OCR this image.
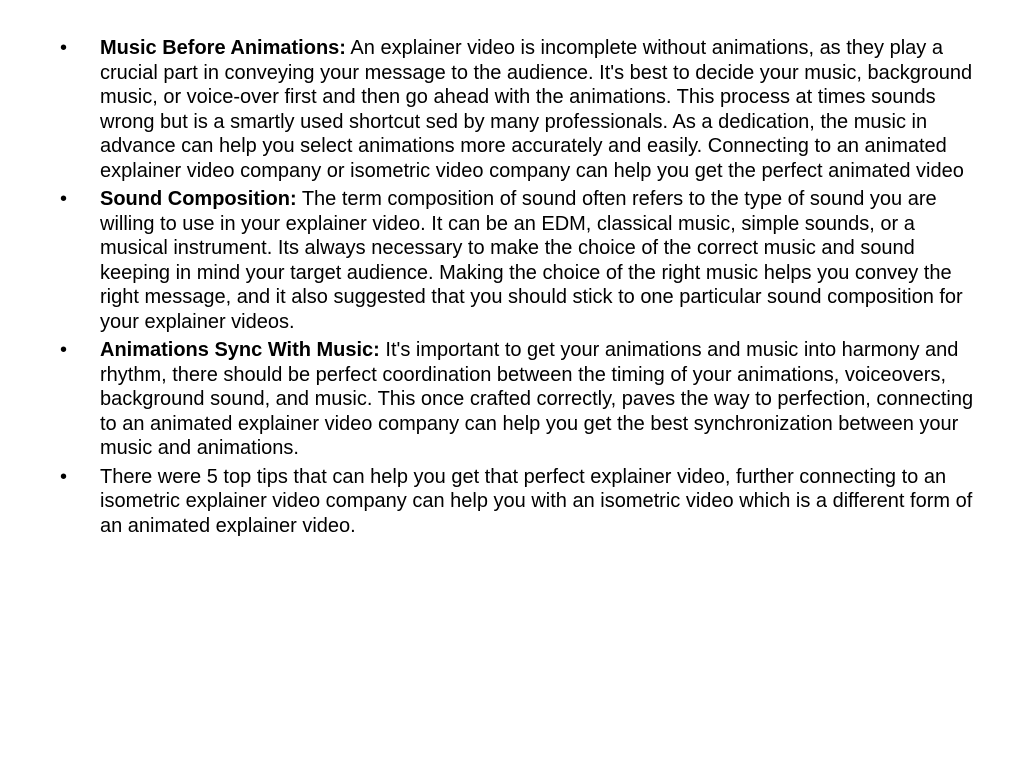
•	Music Before Animations: An explainer video is incomplete without animations, as they play a crucial part in conveying your message to the audience. It's best to decide your music, background music, or voice-over first and then go ahead with the animations. This process at times sounds wrong but is a smartly used shortcut sed by many professionals. As a dedication, the music in advance can help you select animations more accurately and easily. Connecting to an animated explainer video company or isometric video company can help you get the perfect animated video
•	Sound Composition: The term composition of sound often refers to the type of sound you are willing to use in your explainer video. It can be an EDM, classical music, simple sounds, or a musical instrument. Its always necessary to make the choice of the correct music and sound keeping in mind your target audience. Making the choice of the right music helps you convey the right message, and it also suggested that you should stick to one particular sound composition for your explainer videos.
•	Animations Sync With Music: It's important to get your animations and music into harmony and rhythm, there should be perfect coordination between the timing of your animations, voiceovers, background sound, and music. This once crafted correctly, paves the way to perfection, connecting to an animated explainer video company can help you get the best synchronization between your music and animations.
•	There were 5 top tips that can help you get that perfect explainer video, further connecting to an isometric explainer video company can help you with an isometric video which is a different form of an animated explainer video.
